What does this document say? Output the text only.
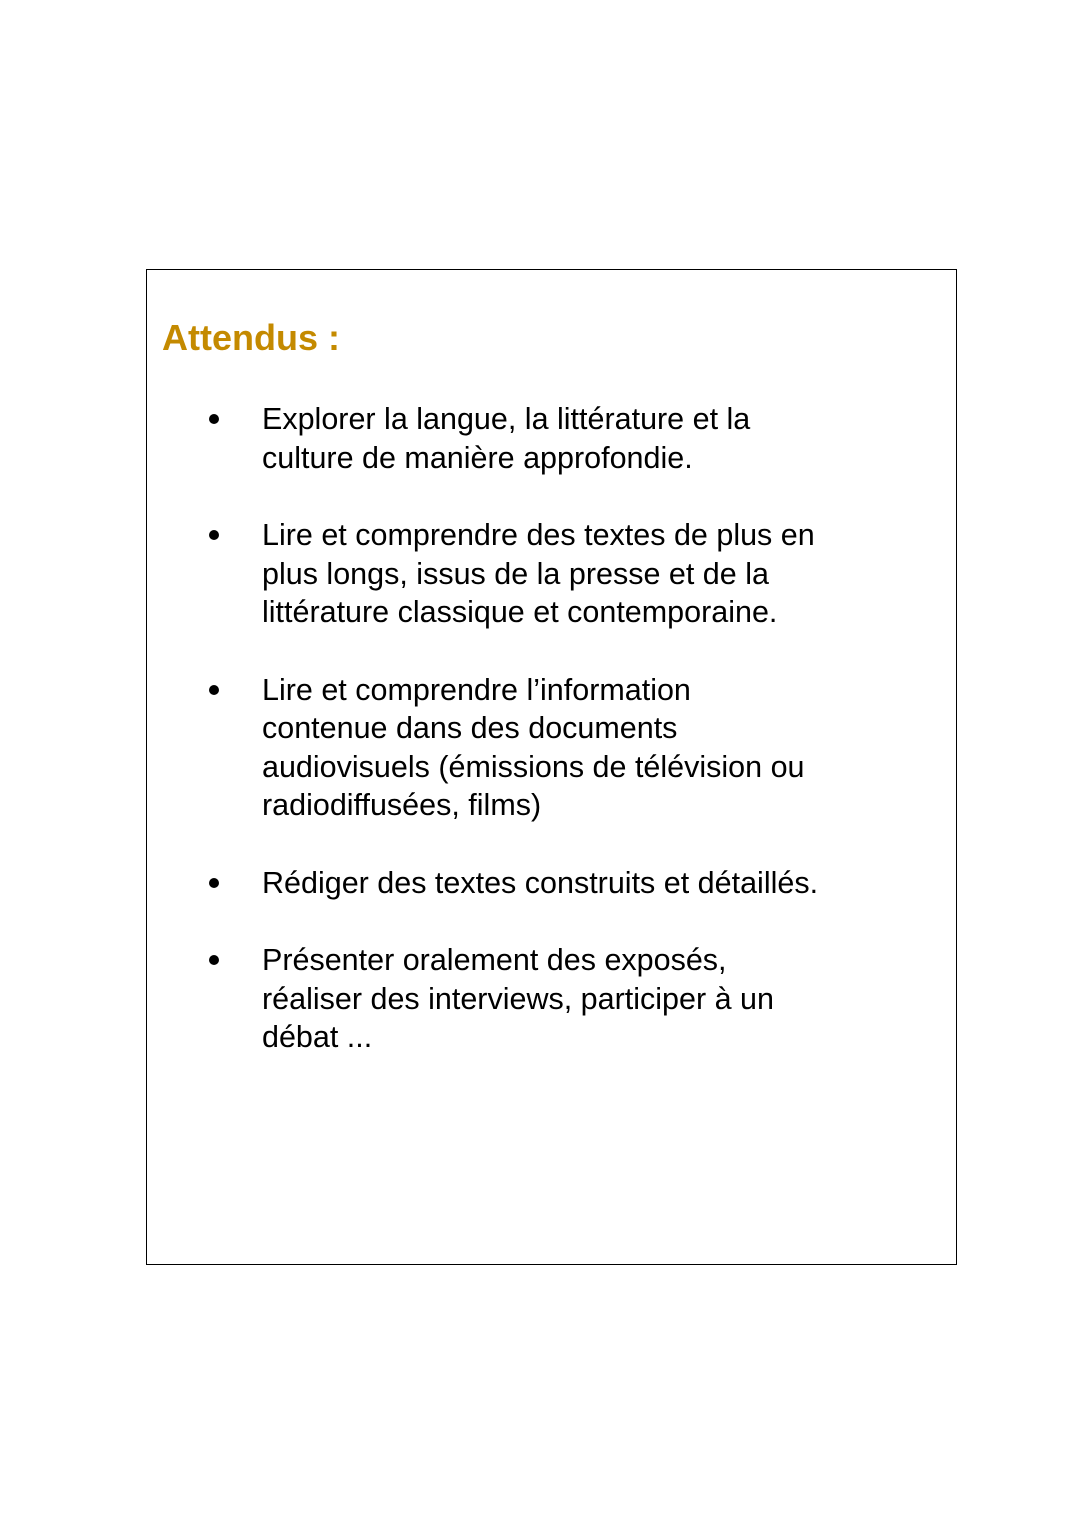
Attendus :
Explorer la langue, la littérature et la
culture de manière approfondie.
Lire et comprendre des textes de plus en
plus longs, issus de la presse et de la
littérature classique et contemporaine.
Lire et comprendre l’information
contenue dans des documents
audiovisuels (émissions de télévision ou
radiodiffusées, films)
Rédiger des textes construits et détaillés.
Présenter oralement des exposés,
réaliser des interviews, participer à un
débat ...
